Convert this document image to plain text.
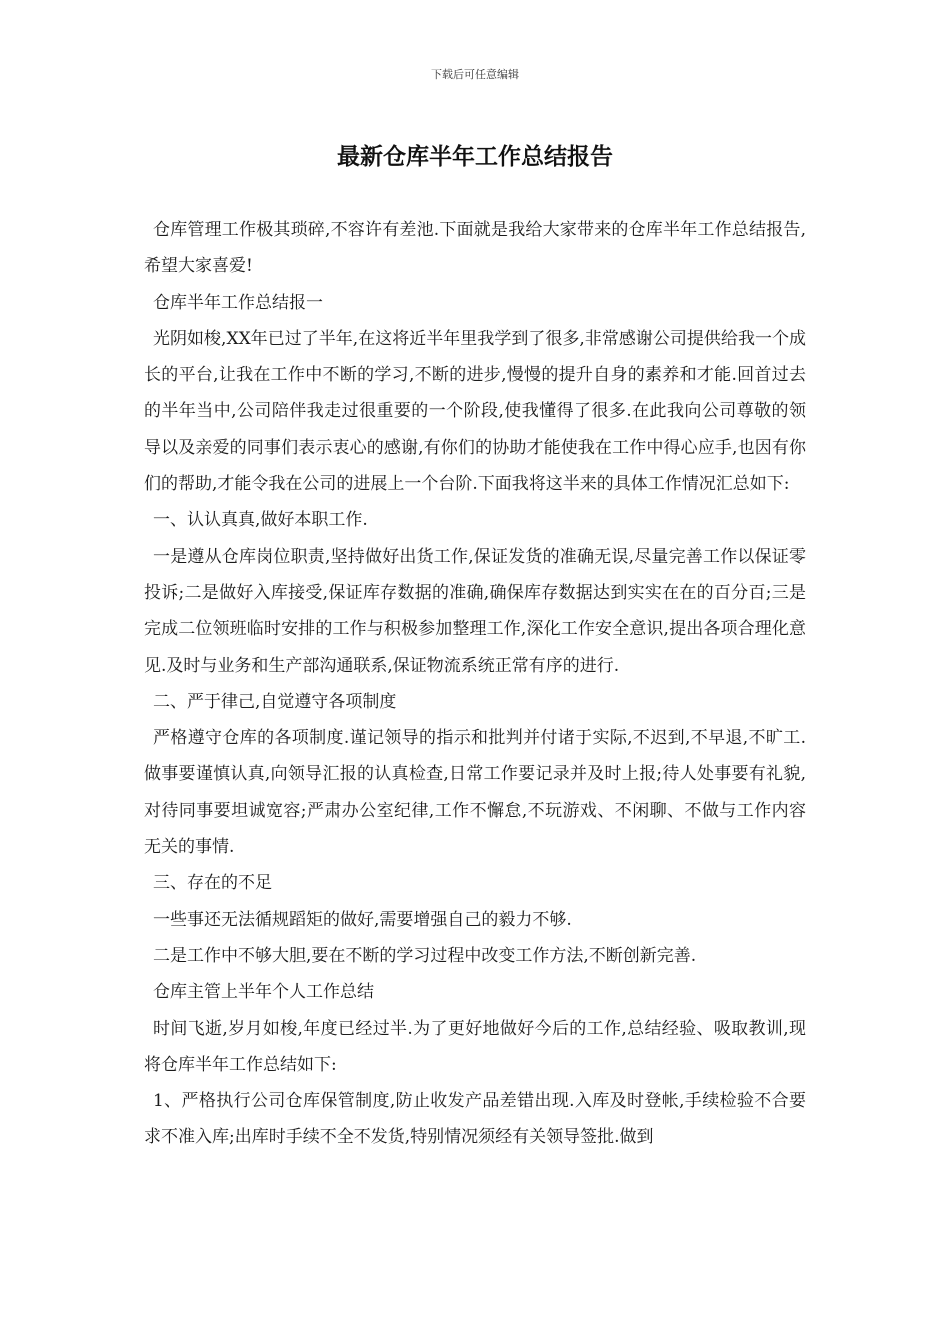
下载后可任意编辑
最新仓库半年工作总结报告

仓库管理工作极其琐碎,不容许有差池.下面就是我给大家带来的仓库半年工作总结报告,希望大家喜爱!

仓库半年工作总结报一

光阴如梭,XX年已过了半年,在这将近半年里我学到了很多,非常感谢公司提供给我一个成长的平台,让我在工作中不断的学习,不断的进步,慢慢的提升自身的素养和才能.回首过去的半年当中,公司陪伴我走过很重要的一个阶段,使我懂得了很多.在此我向公司尊敬的领导以及亲爱的同事们表示衷心的感谢,有你们的协助才能使我在工作中得心应手,也因有你们的帮助,才能令我在公司的进展上一个台阶.下面我将这半来的具体工作情况汇总如下:

一、认认真真,做好本职工作.

一是遵从仓库岗位职责,坚持做好出货工作,保证发货的准确无误,尽量完善工作以保证零投诉;二是做好入库接受,保证库存数据的准确,确保库存数据达到实实在在的百分百;三是完成二位领班临时安排的工作与积极参加整理工作,深化工作安全意识,提出各项合理化意见.及时与业务和生产部沟通联系,保证物流系统正常有序的进行.

二、严于律己,自觉遵守各项制度

严格遵守仓库的各项制度.谨记领导的指示和批判并付诸于实际,不迟到,不早退,不旷工.做事要谨慎认真,向领导汇报的认真检查,日常工作要记录并及时上报;待人处事要有礼貌,对待同事要坦诚宽容;严肃办公室纪律,工作不懈怠,不玩游戏、不闲聊、不做与工作内容无关的事情.

三、存在的不足

一些事还无法循规蹈矩的做好,需要增强自己的毅力不够.

二是工作中不够大胆,要在不断的学习过程中改变工作方法,不断创新完善.

仓库主管上半年个人工作总结

时间飞逝,岁月如梭,年度已经过半.为了更好地做好今后的工作,总结经验、吸取教训,现将仓库半年工作总结如下:

1、严格执行公司仓库保管制度,防止收发产品差错出现.入库及时登帐,手续检验不合要求不准入库;出库时手续不全不发货,特别情况须经有关领导签批.做到
